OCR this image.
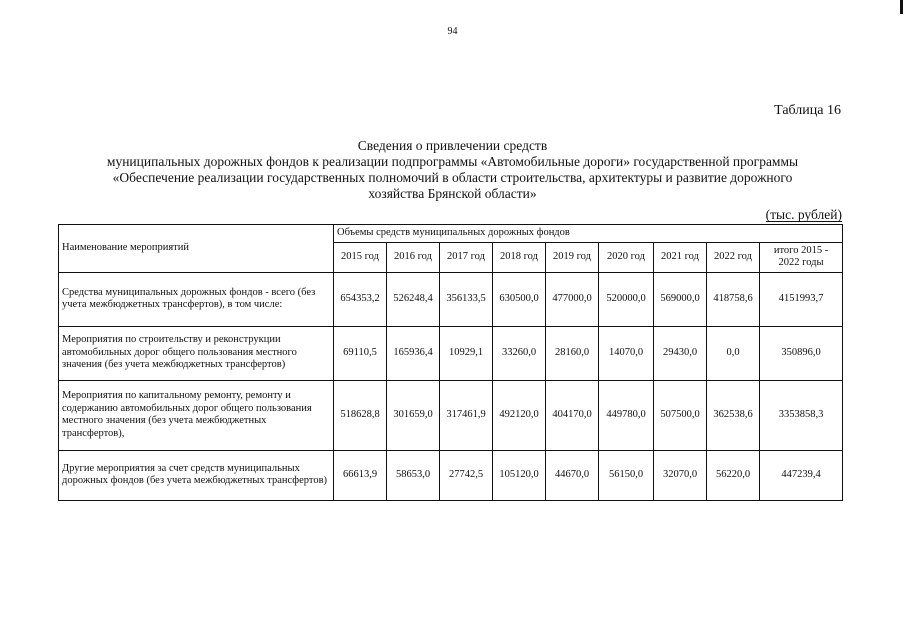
94
Таблица 16
Сведения о привлечении средств
муниципальных дорожных фондов к реализации подпрограммы «Автомобильные дороги» государственной программы
«Обеспечение реализации государственных полномочий в области строительства, архитектуры и развитие дорожного
хозяйства Брянской области»
(тыс. рублей)
Наименование мероприятий	Объемы средств муниципальных дорожных фондов								
	2015 год	2016 год	2017 год	2018 год	2019 год	2020 год	2021 год	2022 год	итого 2015 - 2022 годы
Средства муниципальных дорожных фондов - всего (без учета межбюджетных трансфертов), в том числе:	654353,2	526248,4	356133,5	630500,0	477000,0	520000,0	569000,0	418758,6	4151993,7
Мероприятия по строительству и реконструкции автомобильных дорог общего пользования местного значения (без учета межбюджетных трансфертов)	69110,5	165936,4	10929,1	33260,0	28160,0	14070,0	29430,0	0,0	350896,0
Мероприятия по капитальному ремонту, ремонту и содержанию автомобильных дорог общего пользования местного значения (без учета межбюджетных трансфертов),	518628,8	301659,0	317461,9	492120,0	404170,0	449780,0	507500,0	362538,6	3353858,3
Другие мероприятия за счет средств муниципальных дорожных фондов (без учета межбюджетных трансфертов)	66613,9	58653,0	27742,5	105120,0	44670,0	56150,0	32070,0	56220,0	447239,4
